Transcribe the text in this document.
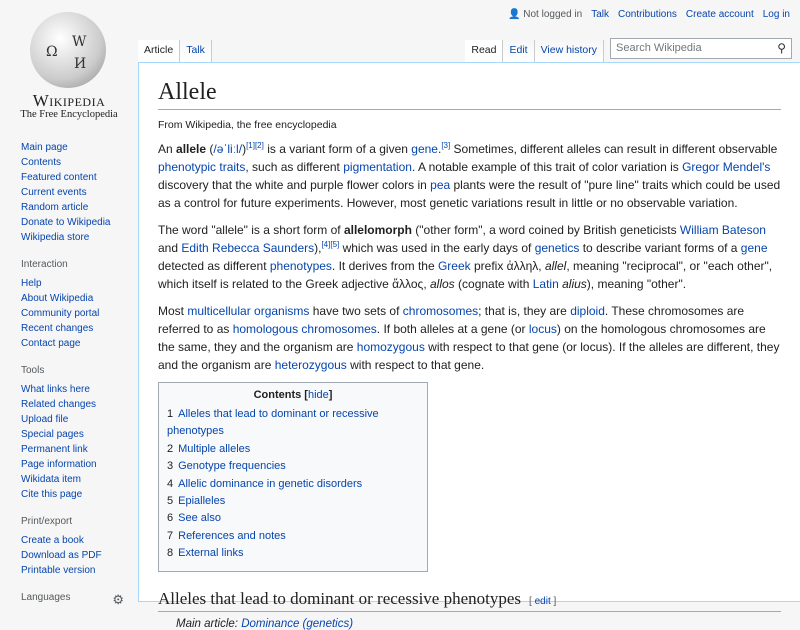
Ω
W
И
Wikipedia
The Free Encyclopedia
👤 Not logged in Talk Contributions Create account Log in
Article	Talk	Read	Edit	View history	Search Wikipedia	⚲
Allele
From Wikipedia, the free encyclopedia

An allele (/əˈliːl/)[1][2] is a variant form of a given gene.[3] Sometimes, different alleles can result in different observable phenotypic traits, such as different pigmentation. A notable example of this trait of color variation is Gregor Mendel's discovery that the white and purple flower colors in pea plants were the result of "pure line" traits which could be used as a control for future experiments. However, most genetic variations result in little or no observable variation.

The word "allele" is a short form of allelomorph ("other form", a word coined by British geneticists William Bateson and Edith Rebecca Saunders),[4][5] which was used in the early days of genetics to describe variant forms of a gene detected as different phenotypes. It derives from the Greek prefix ἀλληλ, allel, meaning "reciprocal", or "each other", which itself is related to the Greek adjective ἄλλος, allos (cognate with Latin alius), meaning "other".

Most multicellular organisms have two sets of chromosomes; that is, they are diploid. These chromosomes are referred to as homologous chromosomes. If both alleles at a gene (or locus) on the homologous chromosomes are the same, they and the organism are homozygous with respect to that gene (or locus). If the alleles are different, they and the organism are heterozygous with respect to that gene.

Contents [hide]
1 Alleles that lead to dominant or recessive phenotypes
2 Multiple alleles
3 Genotype frequencies
4 Allelic dominance in genetic disorders
5 Epialleles
6 See also
7 References and notes
8 External links
Alleles that lead to dominant or recessive phenotypes [ edit ]
Main article: Dominance (genetics)
Main page
Contents
Featured content
Current events
Random article
Donate to Wikipedia
Wikipedia store
Interaction
Help
About Wikipedia
Community portal
Recent changes
Contact page
Tools
What links here
Related changes
Upload file
Special pages
Permanent link
Page information
Wikidata item
Cite this page
Print/export
Create a book
Download as PDF
Printable version
Languages	⚙
